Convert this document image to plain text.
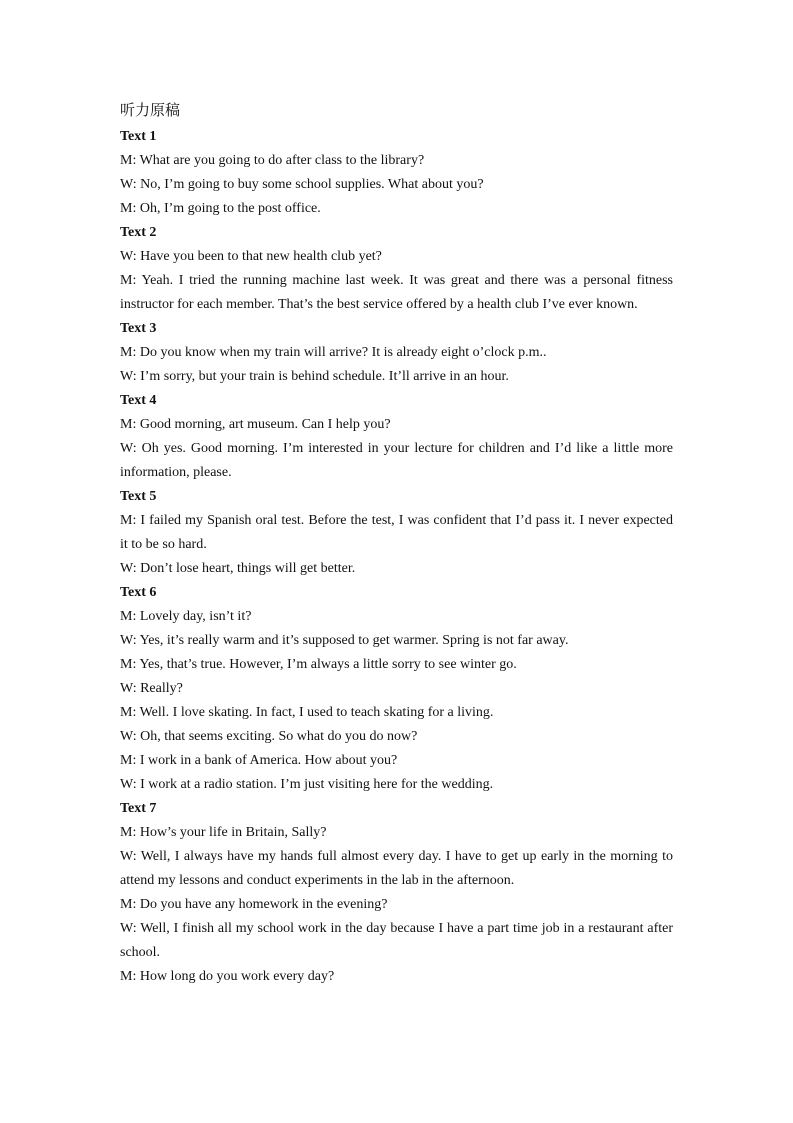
听力原稿
Text 1
M: What are you going to do after class to the library?
W: No, I’m going to buy some school supplies. What about you?
M: Oh, I’m going to the post office.
Text 2
W: Have you been to that new health club yet?
M: Yeah. I tried the running machine last week. It was great and there was a personal fitness instructor for each member. That’s the best service offered by a health club I’ve ever known.
Text 3
M: Do you know when my train will arrive? It is already eight o’clock p.m..
W: I’m sorry, but your train is behind schedule. It’ll arrive in an hour.
Text 4
M: Good morning, art museum. Can I help you?
W: Oh yes. Good morning. I’m interested in your lecture for children and I’d like a little more information, please.
Text 5
M: I failed my Spanish oral test. Before the test, I was confident that I’d pass it. I never expected it to be so hard.
W: Don’t lose heart, things will get better.
Text 6
M: Lovely day, isn’t it?
W: Yes, it’s really warm and it’s supposed to get warmer. Spring is not far away.
M: Yes, that’s true. However, I’m always a little sorry to see winter go.
W: Really?
M: Well. I love skating. In fact, I used to teach skating for a living.
W: Oh, that seems exciting. So what do you do now?
M: I work in a bank of America. How about you?
W: I work at a radio station. I’m just visiting here for the wedding.
Text 7
M: How’s your life in Britain, Sally?
W: Well, I always have my hands full almost every day. I have to get up early in the morning to attend my lessons and conduct experiments in the lab in the afternoon.
M: Do you have any homework in the evening?
W: Well, I finish all my school work in the day because I have a part time job in a restaurant after school.
M: How long do you work every day?
